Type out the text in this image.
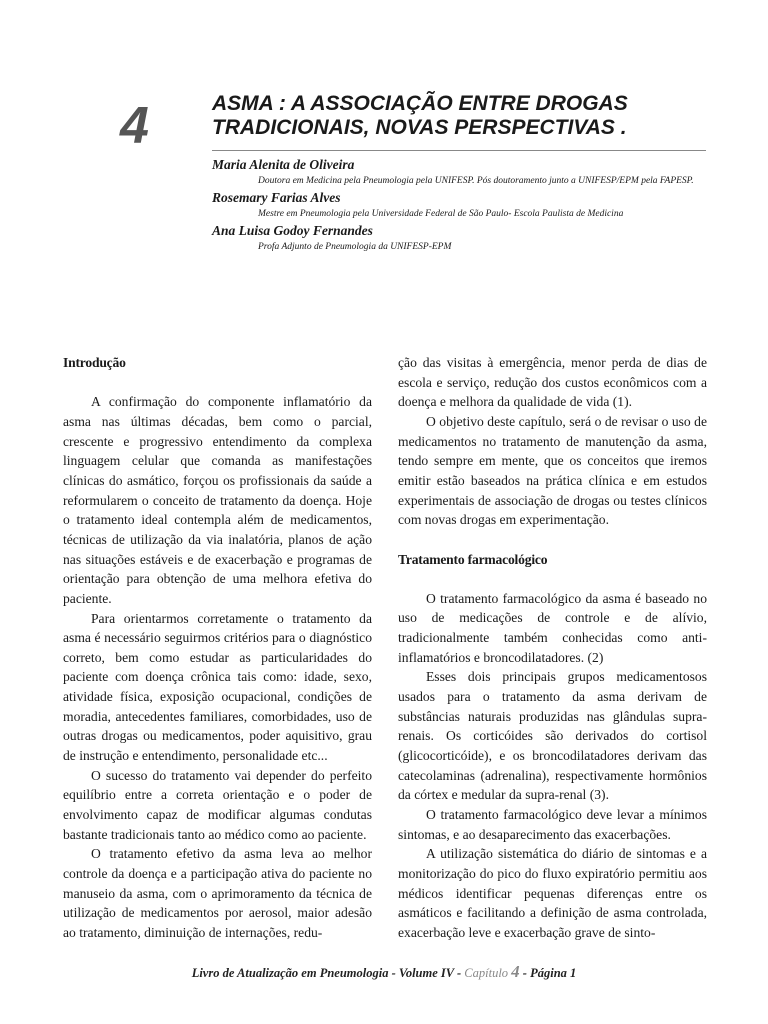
4	ASMA : A ASSOCIAÇÃO ENTRE DROGAS
TRADICIONAIS, NOVAS PERSPECTIVAS .

Maria Alenita de Oliveira

Doutora em Medicina pela Pneumologia pela UNIFESP. Pós doutoramento junto a UNIFESP/EPM pela FAPESP.

Rosemary Farias Alves

Mestre em Pneumologia pela Universidade Federal de São Paulo- Escola Paulista de Medicina

Ana Luisa Godoy Fernandes

Profa Adjunto de Pneumologia da UNIFESP-EPM
Introdução

A confirmação do componente inflamatório da asma nas últimas décadas, bem como o parcial, crescente e progressivo entendimento da complexa linguagem celular que comanda as manifestações clínicas do asmático, forçou os profissionais da saúde a reformularem o conceito de tratamento da doença. Hoje o tratamento ideal contempla além de medicamentos, técnicas de utilização da via inalatória, planos de ação nas situações estáveis e de exacerbação e programas de orientação para obtenção de uma melhora efetiva do paciente.

Para orientarmos corretamente o tratamento da asma é necessário seguirmos critérios para o diagnóstico correto, bem como estudar as particularidades do paciente com doença crônica tais como: idade, sexo, atividade física, exposição ocupacional, condições de moradia, antecedentes familiares, comorbidades, uso de outras drogas ou medicamentos, poder aquisitivo, grau de instrução e entendimento, personalidade etc...

O sucesso do tratamento vai depender do perfeito equilíbrio entre a correta orientação e o poder de envolvimento capaz de modificar algumas condutas bastante tradicionais tanto ao médico como ao paciente.

O tratamento efetivo da asma leva ao melhor controle da doença e a participação ativa do paciente no manuseio da asma, com o aprimoramento da técnica de utilização de medicamentos por aerosol, maior adesão ao tratamento, diminuição de internações, redu-

ção das visitas à emergência, menor perda de dias de escola e serviço, redução dos custos econômicos com a doença e melhora da qualidade de vida (1).

O objetivo deste capítulo, será o de revisar o uso de medicamentos no tratamento de manutenção da asma, tendo sempre em mente, que os conceitos que iremos emitir estão baseados na prática clínica e em estudos experimentais de associação de drogas ou testes clínicos com novas drogas em experimentação.

Tratamento farmacológico

O tratamento farmacológico da asma é baseado no uso de medicações de controle e de alívio, tradicionalmente também conhecidas como anti-inflamatórios e broncodilatadores. (2)

Esses dois principais grupos medicamentosos usados para o tratamento da asma derivam de substâncias naturais produzidas nas glândulas supra-renais. Os corticóides são derivados do cortisol (glicocorticóide), e os broncodilatadores derivam das catecolaminas (adrenalina), respectivamente hormônios da córtex e medular da supra-renal (3).

O tratamento farmacológico deve levar a mínimos sintomas, e ao desaparecimento das exacerbações.

A utilização sistemática do diário de sintomas e a monitorização do pico do fluxo expiratório permitiu aos médicos identificar pequenas diferenças entre os asmáticos e facilitando a definição de asma controlada, exacerbação leve e exacerbação grave de sinto-

Livro de Atualização em Pneumologia - Volume IV - Capítulo 4 - Página 1
